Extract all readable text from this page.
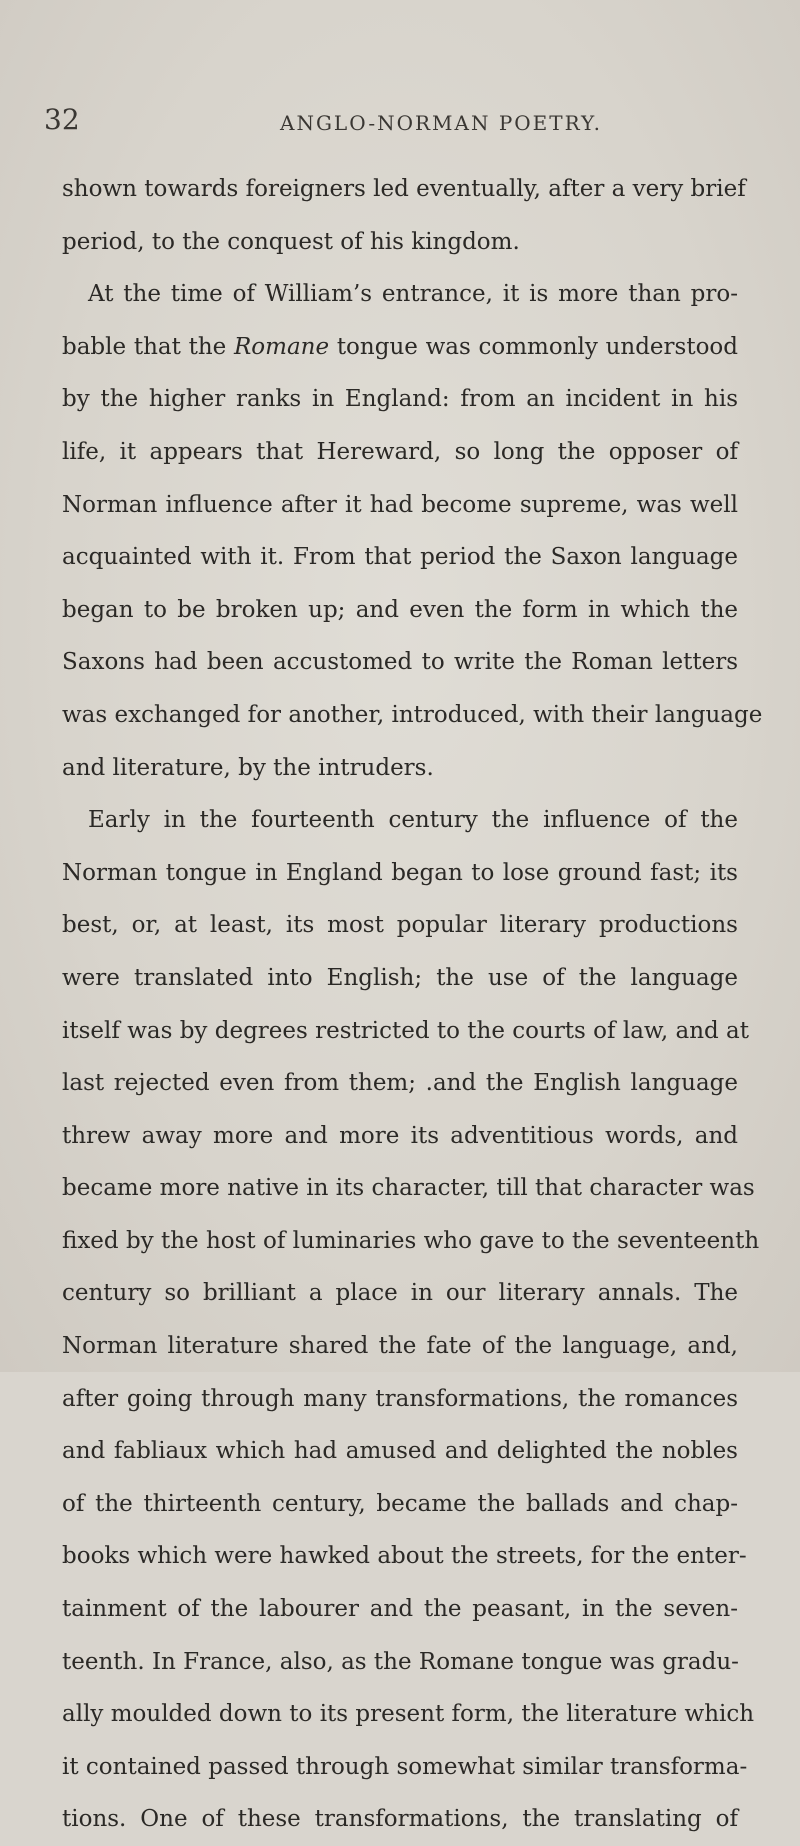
32	ANGLO-NORMAN POETRY.
shown towards foreigners led eventually, after a very brief
period, to the conquest of his kingdom.
At the time of William’s entrance, it is more than pro-
bable that the Romane tongue was commonly understood
by the higher ranks in England: from an incident in his
life, it appears that Hereward, so long the opposer of
Norman influence after it had become supreme, was well
acquainted with it. From that period the Saxon language
began to be broken up; and even the form in which the
Saxons had been accustomed to write the Roman letters
was exchanged for another, introduced, with their language
and literature, by the intruders.
Early in the fourteenth century the influence of the
Norman tongue in England began to lose ground fast; its
best, or, at least, its most popular literary productions
were translated into English; the use of the language
itself was by degrees restricted to the courts of law, and at
last rejected even from them; .and the English language
threw away more and more its adventitious words, and
became more native in its character, till that character was
fixed by the host of luminaries who gave to the seventeenth
century so brilliant a place in our literary annals. The
Norman literature shared the fate of the language, and,
after going through many transformations, the romances
and fabliaux which had amused and delighted the nobles
of the thirteenth century, became the ballads and chap-
books which were hawked about the streets, for the enter-
tainment of the labourer and the peasant, in the seven-
teenth. In France, also, as the Romane tongue was gradu-
ally moulded down to its present form, the literature which
it contained passed through somewhat similar transforma-
tions. One of these transformations, the translating of
